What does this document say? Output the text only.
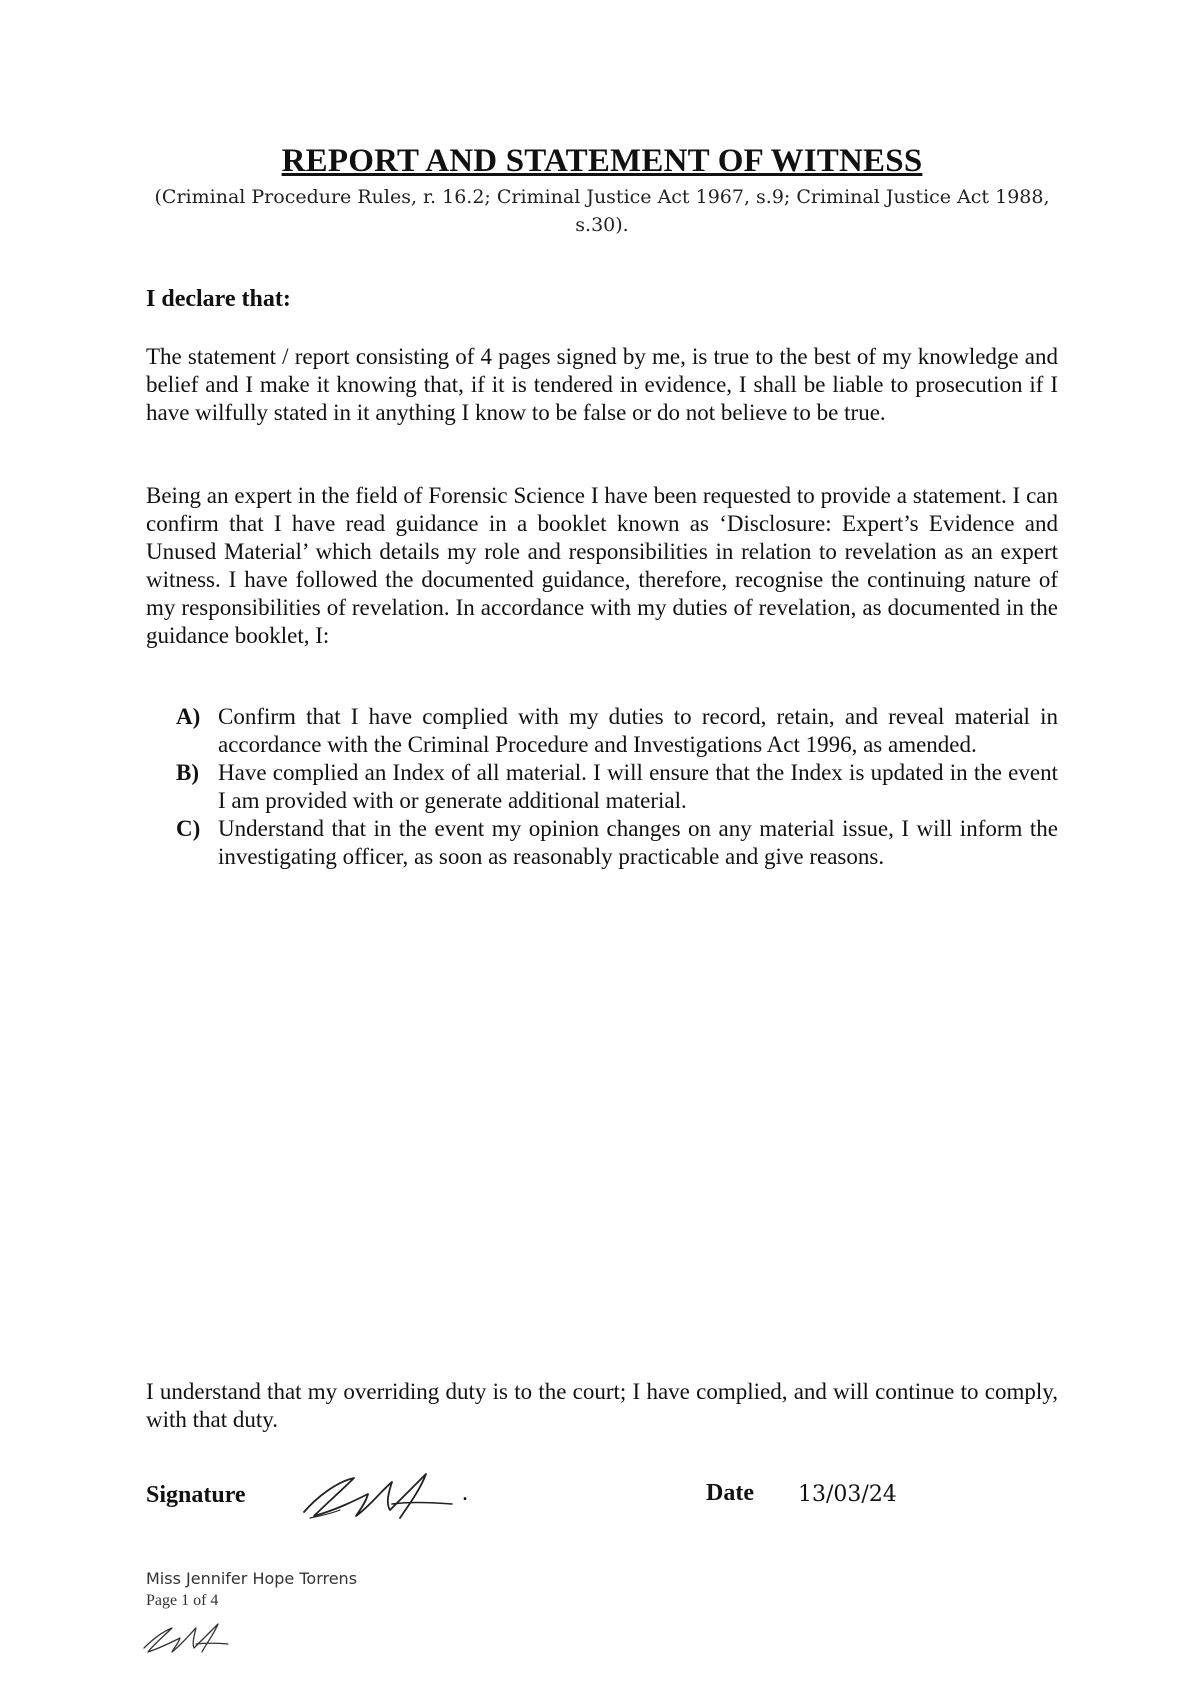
REPORT AND STATEMENT OF WITNESS
(Criminal Procedure Rules, r. 16.2; Criminal Justice Act 1967, s.9; Criminal Justice Act 1988, s.30).
I declare that:
The statement / report consisting of 4 pages signed by me, is true to the best of my knowledge and belief and I make it knowing that, if it is tendered in evidence, I shall be liable to prosecution if I have wilfully stated in it anything I know to be false or do not believe to be true.
Being an expert in the field of Forensic Science I have been requested to provide a statement. I can confirm that I have read guidance in a booklet known as ‘Disclosure: Expert’s Evidence and Unused Material’ which details my role and responsibilities in relation to revelation as an expert witness. I have followed the documented guidance, therefore, recognise the continuing nature of my responsibilities of revelation. In accordance with my duties of revelation, as documented in the guidance booklet, I:
A) Confirm that I have complied with my duties to record, retain, and reveal material in accordance with the Criminal Procedure and Investigations Act 1996, as amended.
B) Have complied an Index of all material. I will ensure that the Index is updated in the event I am provided with or generate additional material.
C) Understand that in the event my opinion changes on any material issue, I will inform the investigating officer, as soon as reasonably practicable and give reasons.
I understand that my overriding duty is to the court; I have complied, and will continue to comply, with that duty.
Signature	.	Date 13/03/24
Miss Jennifer Hope Torrens
Page 1 of 4
